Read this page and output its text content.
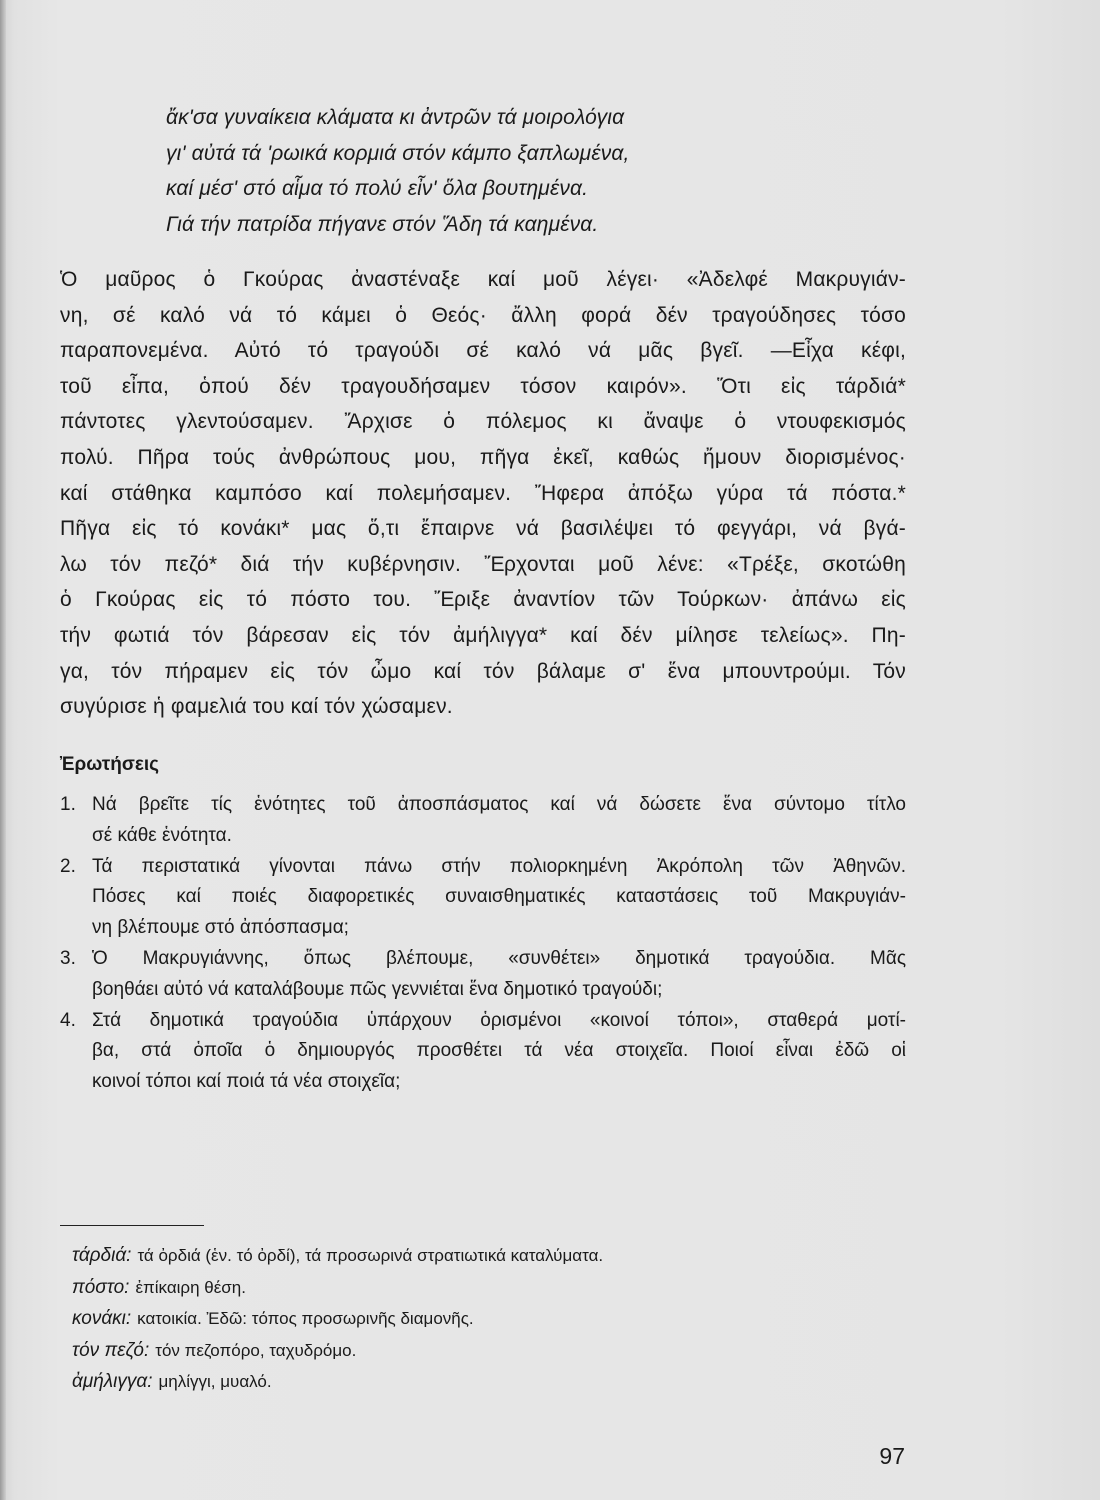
ἄκ'σα γυναίκεια κλάματα κι ἀντρῶν τά μοιρολόγια
γι' αὐτά τά 'ρωικά κορμιά στόν κάμπο ξαπλωμένα,
καί μέσ' στό αἷμα τό πολύ εἶν' ὅλα βουτημένα.
Γιά τήν πατρίδα πήγανε στόν Ἅδη τά καημένα.
Ὁ μαῦρος ὁ Γκούρας ἀναστέναξε καί μοῦ λέγει· «Ἀδελφέ Μακρυγιάν-
νη, σέ καλό νά τό κάμει ὁ Θεός· ἄλλη φορά δέν τραγούδησες τόσο
παραπονεμένα. Αὐτό τό τραγούδι σέ καλό νά μᾶς βγεῖ. —Εἶχα κέφι,
τοῦ εἶπα, ὁπού δέν τραγουδήσαμεν τόσον καιρόν». Ὅτι εἰς τάρδιά*
πάντοτες γλεντούσαμεν. Ἄρχισε ὁ πόλεμος κι ἄναψε ὁ ντουφεκισμός
πολύ. Πῆρα τούς ἀνθρώπους μου, πῆγα ἐκεῖ, καθώς ἤμουν διορισμένος·
καί στάθηκα καμπόσο καί πολεμήσαμεν. Ἤφερα ἀπόξω γύρα τά πόστα.*
Πῆγα εἰς τό κονάκι* μας ὅ,τι ἔπαιρνε νά βασιλέψει τό φεγγάρι, νά βγά-
λω τόν πεζό* διά τήν κυβέρνησιν. Ἔρχονται μοῦ λένε: «Τρέξε, σκοτώθη
ὁ Γκούρας εἰς τό πόστο του. Ἔριξε ἀναντίον τῶν Τούρκων· ἀπάνω εἰς
τήν φωτιά τόν βάρεσαν εἰς τόν ἀμήλιγγα* καί δέν μίλησε τελείως». Πη-
γα, τόν πήραμεν εἰς τόν ὦμο καί τόν βάλαμε σ' ἕνα μπουντρούμι. Τόν
συγύρισε ἡ φαμελιά του καί τόν χώσαμεν.
Ἐρωτήσεις
1. Νά βρεῖτε τίς ἑνότητες τοῦ ἀποσπάσματος καί νά δώσετε ἕνα σύντομο τίτλο
σέ κάθε ἑνότητα.
2. Τά περιστατικά γίνονται πάνω στήν πολιορκημένη Ἀκρόπολη τῶν Ἀθηνῶν.
Πόσες καί ποιές διαφορετικές συναισθηματικές καταστάσεις τοῦ Μακρυγιάν-
νη βλέπουμε στό ἀπόσπασμα;
3. Ὁ Μακρυγιάννης, ὅπως βλέπουμε, «συνθέτει» δημοτικά τραγούδια. Μᾶς
βοηθάει αὐτό νά καταλάβουμε πῶς γεννιέται ἕνα δημοτικό τραγούδι;
4. Στά δημοτικά τραγούδια ὑπάρχουν ὁρισμένοι «κοινοί τόποι», σταθερά μοτί-
βα, στά ὁποῖα ὁ δημιουργός προσθέτει τά νέα στοιχεῖα. Ποιοί εἶναι ἐδῶ οἱ
κοινοί τόποι καί ποιά τά νέα στοιχεῖα;
τάρδιά: τά ὀρδιά (ἑν. τό ὀρδί), τά προσωρινά στρατιωτικά καταλύματα.
πόστο: ἐπίκαιρη θέση.
κονάκι: κατοικία. Ἐδῶ: τόπος προσωρινῆς διαμονῆς.
τόν πεζό: τόν πεζοπόρο, ταχυδρόμο.
ἀμήλιγγα: μηλίγγι, μυαλό.
97
